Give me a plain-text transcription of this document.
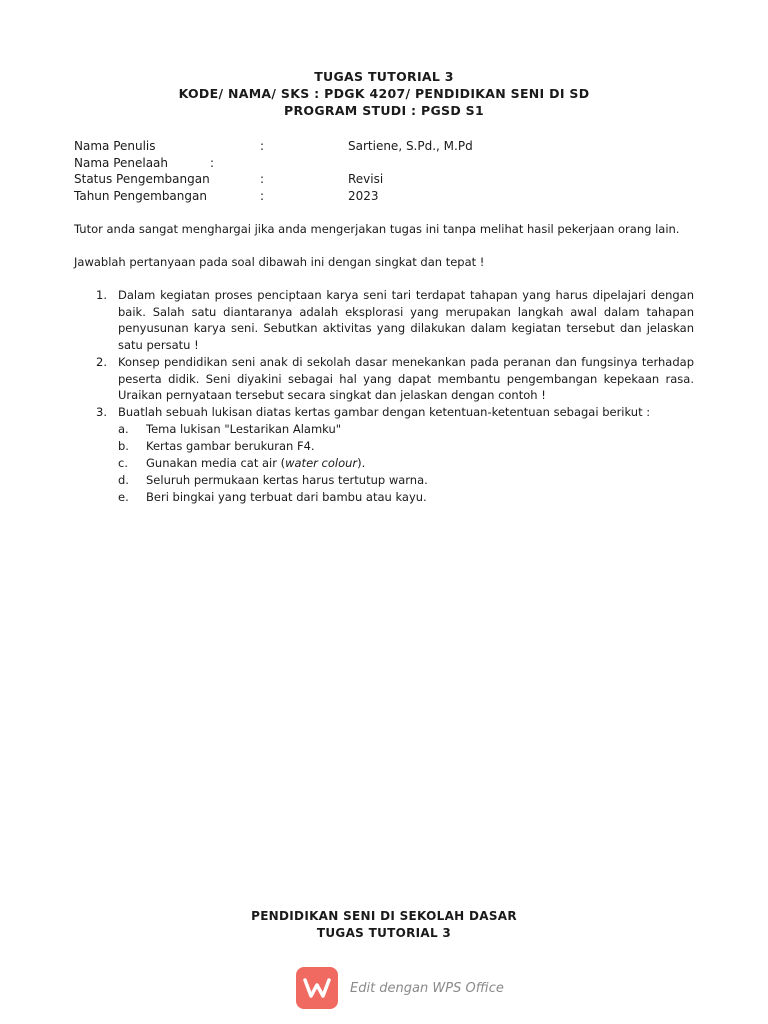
TUGAS TUTORIAL 3
KODE/ NAMA/ SKS : PDGK 4207/ PENDIDIKAN SENI DI SD
PROGRAM STUDI : PGSD S1
Nama Penulis	:	Sartiene, S.Pd., M.Pd
Nama Penelaah	:
Status Pengembangan	:	Revisi
Tahun Pengembangan	:	2023
Tutor anda sangat menghargai jika anda mengerjakan tugas ini tanpa melihat hasil pekerjaan orang lain.
Jawablah pertanyaan pada soal dibawah ini dengan singkat dan tepat !
1. Dalam kegiatan proses penciptaan karya seni tari terdapat tahapan yang harus dipelajari dengan baik. Salah satu diantaranya adalah eksplorasi yang merupakan langkah awal dalam tahapan penyusunan karya seni. Sebutkan aktivitas yang dilakukan dalam kegiatan tersebut dan jelaskan satu persatu !
2. Konsep pendidikan seni anak di sekolah dasar menekankan pada peranan dan fungsinya terhadap peserta didik. Seni diyakini sebagai hal yang dapat membantu pengembangan kepekaan rasa. Uraikan pernyataan tersebut secara singkat dan jelaskan dengan contoh !
3. Buatlah sebuah lukisan diatas kertas gambar dengan ketentuan-ketentuan sebagai berikut :
a. Tema lukisan "Lestarikan Alamku"
b. Kertas gambar berukuran F4.
c. Gunakan media cat air (water colour).
d. Seluruh permukaan kertas harus tertutup warna.
e. Beri bingkai yang terbuat dari bambu atau kayu.
PENDIDIKAN SENI DI SEKOLAH DASAR
TUGAS TUTORIAL 3
Edit dengan WPS Office
